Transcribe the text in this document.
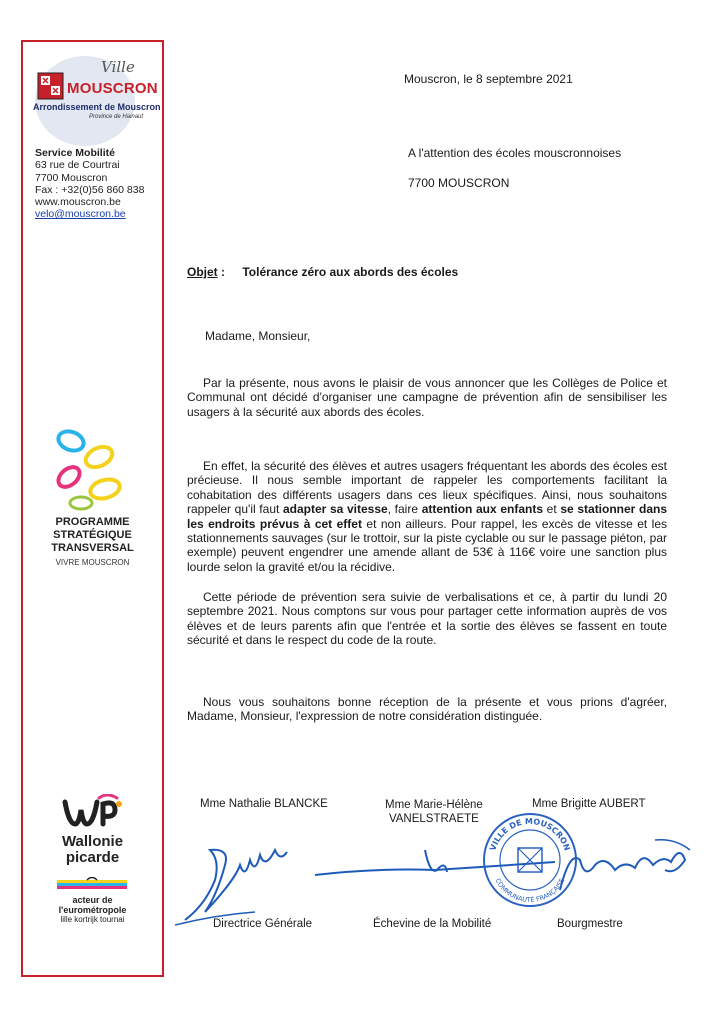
Ville
MOUSCRON
Arrondissement de Mouscron
Province de Hainaut
Service Mobilité
63 rue de Courtrai
7700 Mouscron
Fax : +32(0)56 860 838
www.mouscron.be
velo@mouscron.be
PROGRAMME
STRATÉGIQUE
TRANSVERSAL
VIVRE MOUSCRON
Wallonie
picarde
acteur de
l'eurométropole
lille kortrijk tournai
Mouscron, le 8 septembre 2021
A l'attention des écoles mouscronnoises
7700 MOUSCRON
Objet : Tolérance zéro aux abords des écoles
Madame, Monsieur,
Par la présente, nous avons le plaisir de vous annoncer que les Collèges de Police et Communal ont décidé d'organiser une campagne de prévention afin de sensibiliser les usagers à la sécurité aux abords des écoles.
En effet, la sécurité des élèves et autres usagers fréquentant les abords des écoles est précieuse. Il nous semble important de rappeler les comportements facilitant la cohabitation des différents usagers dans ces lieux spécifiques. Ainsi, nous souhaitons rappeler qu'il faut adapter sa vitesse, faire attention aux enfants et se stationner dans les endroits prévus à cet effet et non ailleurs. Pour rappel, les excès de vitesse et les stationnements sauvages (sur le trottoir, sur la piste cyclable ou sur le passage piéton, par exemple) peuvent engendrer une amende allant de 53€ à 116€ voire une sanction plus lourde selon la gravité et/ou la récidive.
Cette période de prévention sera suivie de verbalisations et ce, à partir du lundi 20 septembre 2021. Nous comptons sur vous pour partager cette information auprès de vos élèves et de leurs parents afin que l'entrée et la sortie des élèves se fassent en toute sécurité et dans le respect du code de la route.
Nous vous souhaitons bonne réception de la présente et vous prions d'agréer, Madame, Monsieur, l'expression de notre considération distinguée.
Mme Nathalie BLANCKE	Mme Marie-Hélène
VANELSTRAETE
Mme Brigitte AUBERT
VILLE DE MOUSCRON
COMMUNAUTÉ FRANÇAISE
Directrice Générale	Échevine de la Mobilité	Bourgmestre
